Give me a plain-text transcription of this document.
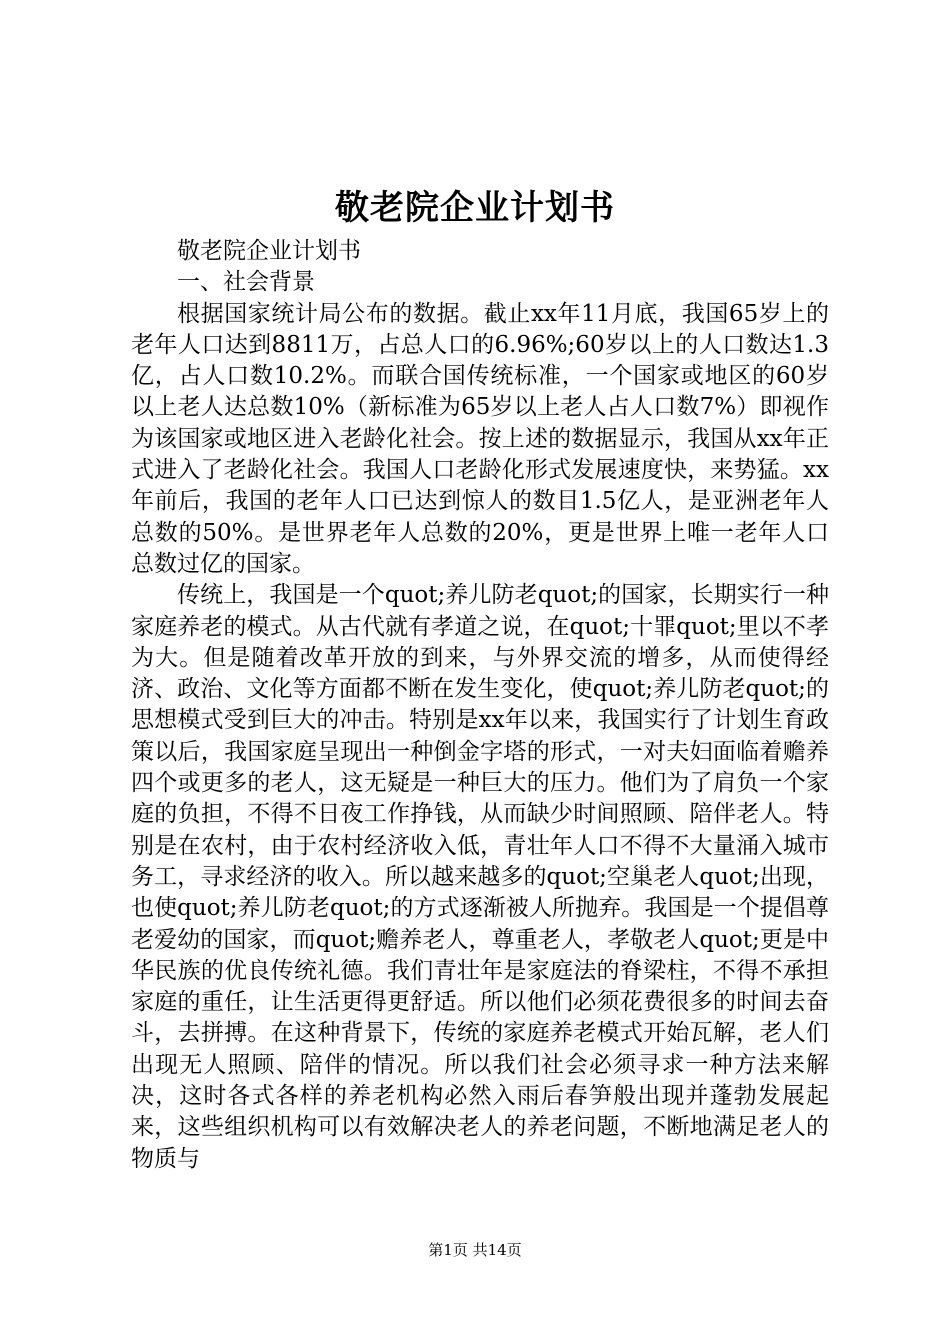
敬老院企业计划书

敬老院企业计划书

一、社会背景

根据国家统计局公布的数据。截止xx年11月底，我国65岁上的老年人口达到8811万，占总人口的6.96%;60岁以上的人口数达1.3亿，占人口数10.2%。而联合国传统标准，一个国家或地区的60岁以上老人达总数10%（新标准为65岁以上老人占人口数7%）即视作为该国家或地区进入老龄化社会。按上述的数据显示，我国从xx年正式进入了老龄化社会。我国人口老龄化形式发展速度快，来势猛。xx年前后，我国的老年人口已达到惊人的数目1.5亿人，是亚洲老年人总数的50%。是世界老年人总数的20%，更是世界上唯一老年人口总数过亿的国家。

传统上，我国是一个quot;养儿防老quot;的国家，长期实行一种家庭养老的模式。从古代就有孝道之说，在quot;十罪quot;里以不孝为大。但是随着改革开放的到来，与外界交流的增多，从而使得经济、政治、文化等方面都不断在发生变化，使quot;养儿防老quot;的思想模式受到巨大的冲击。特别是xx年以来，我国实行了计划生育政策以后，我国家庭呈现出一种倒金字塔的形式，一对夫妇面临着赡养四个或更多的老人，这无疑是一种巨大的压力。他们为了肩负一个家庭的负担，不得不日夜工作挣钱，从而缺少时间照顾、陪伴老人。特别是在农村，由于农村经济收入低，青壮年人口不得不大量涌入城市务工，寻求经济的收入。所以越来越多的quot;空巢老人quot;出现，也使quot;养儿防老quot;的方式逐渐被人所抛弃。我国是一个提倡尊老爱幼的国家，而quot;赡养老人，尊重老人，孝敬老人quot;更是中华民族的优良传统礼德。我们青壮年是家庭法的脊梁柱，不得不承担家庭的重任，让生活更得更舒适。所以他们必须花费很多的时间去奋斗，去拼搏。在这种背景下，传统的家庭养老模式开始瓦解，老人们出现无人照顾、陪伴的情况。所以我们社会必须寻求一种方法来解决，这时各式各样的养老机构必然入雨后春笋般出现并蓬勃发展起来，这些组织机构可以有效解决老人的养老问题，不断地满足老人的物质与

第1页 共14页
